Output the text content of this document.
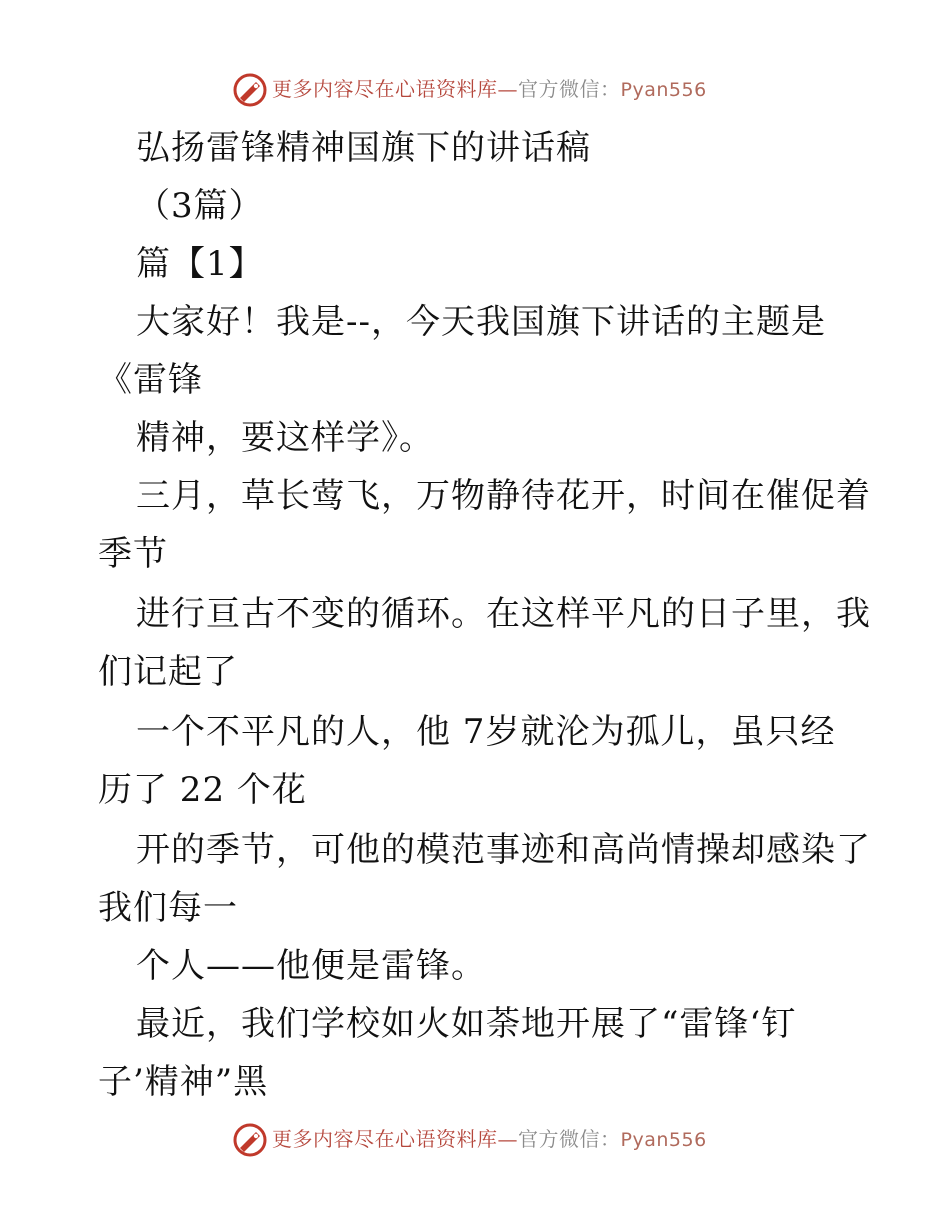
更多内容尽在心语资料库—官方微信：Pyan556
弘扬雷锋精神国旗下的讲话稿
（3篇）
篇【1】
大家好！我是--，今天我国旗下讲话的主题是
《雷锋
精神，要这样学》。
三月，草长莺飞，万物静待花开，时间在催促着
季节
进行亘古不变的循环。在这样平凡的日子里，我
们记起了
一个不平凡的人，他 7岁就沦为孤儿，虽只经
历了 22 个花
开的季节，可他的模范事迹和高尚情操却感染了
我们每一
个人——他便是雷锋。
最近，我们学校如火如荼地开展了“雷锋‘钉
子’精神”黑
更多内容尽在心语资料库—官方微信：Pyan556
